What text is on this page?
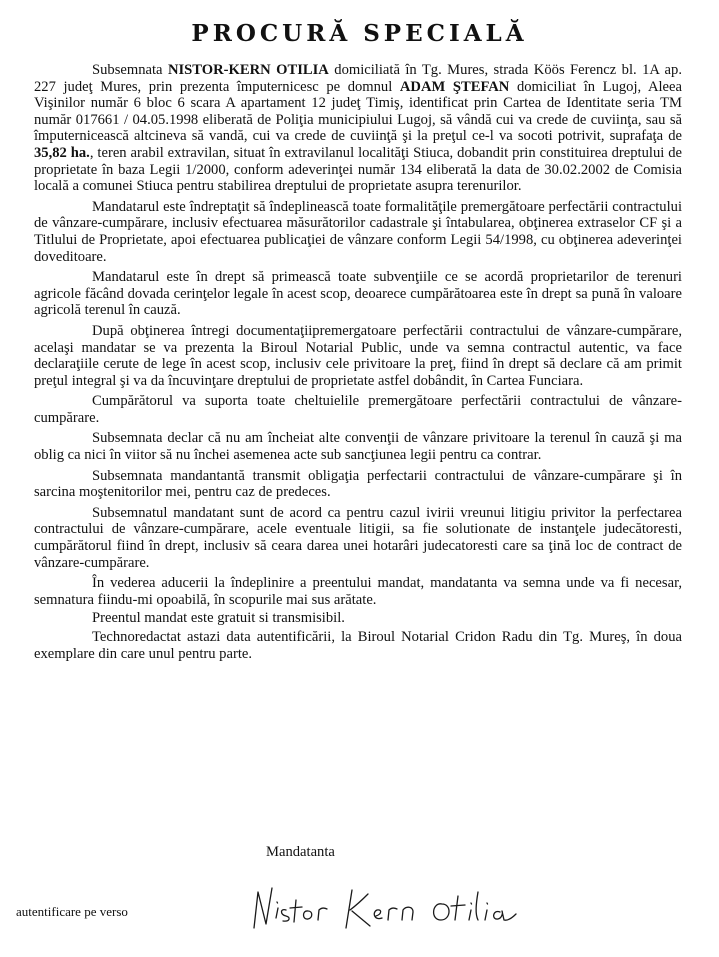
PROCURĂ SPECIALĂ

Subsemnata NISTOR-KERN OTILIA domiciliată în Tg. Mures, strada Köös Ferencz bl. 1A ap. 227 judeţ Mures, prin prezenta împuternicesc pe domnul ADAM ŞTEFAN domiciliat în Lugoj, Aleea Vişinilor număr 6 bloc 6 scara A apartament 12 judeţ Timiş, identificat prin Cartea de Identitate seria TM număr 017661 / 04.05.1998 eliberată de Poliţia municipiului Lugoj, să vândă cui va crede de cuviinţa, sau să împuternicească altcineva să vandă, cui va crede de cuviinţă şi la preţul ce-l va socoti potrivit, suprafaţa de 35,82 ha., teren arabil extravilan, situat în extravilanul localităţi Stiuca, dobandit prin constituirea dreptului de proprietate în baza Legii 1/2000, conform adeverinţei număr 134 eliberată la data de 30.02.2002 de Comisia locală a comunei Stiuca pentru stabilirea dreptului de proprietate asupra terenurilor.

Mandatarul este îndreptaţit să îndeplinească toate formalităţile premergătoare perfectării contractului de vânzare-cumpărare, inclusiv efectuarea măsurătorilor cadastrale şi întabularea, obţinerea extraselor CF şi a Titlului de Proprietate, apoi efectuarea publicaţiei de vânzare conform Legii 54/1998, cu obţinerea adeverinţei doveditoare.

Mandatarul este în drept să primească toate subvenţiile ce se acordă proprietarilor de terenuri agricole făcând dovada cerinţelor legale în acest scop, deoarece cumpărătoarea este în drept sa pună în valoare agricolă terenul în cauză.

După obţinerea întregi documentaţiipremergatoare perfectării contractului de vânzare-cumpărare, acelaşi mandatar se va prezenta la Biroul Notarial Public, unde va semna contractul autentic, va face declaraţiile cerute de lege în acest scop, inclusiv cele privitoare la preţ, fiind în drept să declare că am primit preţul integral şi va da încuvinţare dreptului de proprietate astfel dobândit, în Cartea Funciara.

Cumpărătorul va suporta toate cheltuielile premergătoare perfectării contractului de vânzare-cumpărare.

Subsemnata declar că nu am încheiat alte convenţii de vânzare privitoare la terenul în cauză şi ma oblig ca nici în viitor să nu închei asemenea acte sub sancţiunea legii pentru ca contrar.

Subsemnata mandantantă transmit obligaţia perfectarii contractului de vânzare-cumpărare şi în sarcina moştenitorilor mei, pentru caz de predeces.

Subsemnatul mandatant sunt de acord ca pentru cazul ivirii vreunui litigiu privitor la perfectarea contractului de vânzare-cumpărare, acele eventuale litigii, sa fie solutionate de instanţele judecătoresti, cumpărătorul fiind în drept, inclusiv să ceara darea unei hotarâri judecatoresti care sa ţină loc de contract de vânzare-cumpărare.

În vederea aducerii la îndeplinire a preentului mandat, mandatanta va semna unde va fi necesar, semnatura fiindu-mi opoabilă, în scopurile mai sus arătate.

Preentul mandat este gratuit si transmisibil.

Technoredactat astazi data autentificării, la Biroul Notarial Cridon Radu din Tg. Mureş, în doua exemplare din care unul pentru parte.

Mandatanta

autentificare pe verso
